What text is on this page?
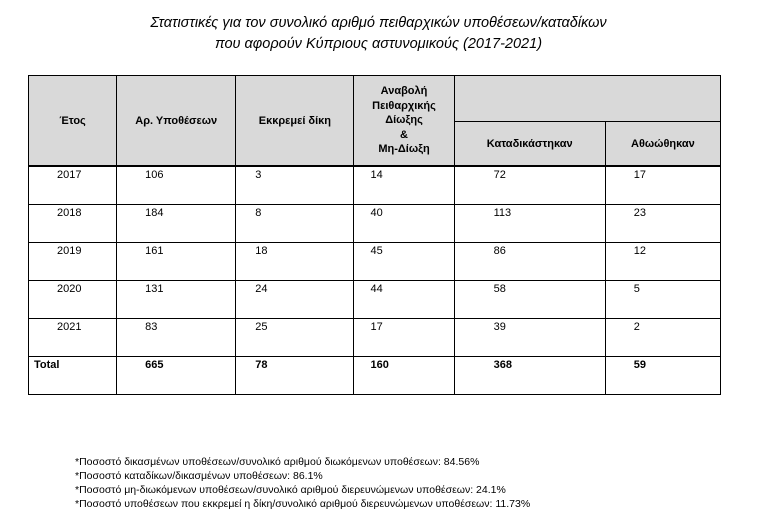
Στατιστικές για τον συνολικό αριθμό πειθαρχικών υποθέσεων/καταδίκων
που αφορούν Κύπριους αστυνομικούς (2017-2021)
Έτος	Αρ. Υποθέσεων	Εκκρεμεί δίκη	Αναβολή
Πειθαρχικής Δίωξης
&
Μη-Δίωξη		

				Καταδικάστηκαν	Αθωώθηκαν
2017	106	3	14	72	17
2018	184	8	40	113	23
2019	161	18	45	86	12
2020	131	24	44	58	5
2021	83	25	17	39	2
Total	665	78	160	368	59
*Ποσοστό δικασμένων υποθέσεων/συνολικό αριθμού διωκόμενων υποθέσεων: 84.56%
*Ποσοστό καταδίκων/δικασμένων υποθέσεων: 86.1%
*Ποσοστό μη-διωκόμενων υποθέσεων/συνολικό αριθμού διερευνώμενων υποθέσεων: 24.1%
*Ποσοστό υποθέσεων που εκκρεμεί η δίκη/συνολικό αριθμού διερευνώμενων υποθέσεων: 11.73%
